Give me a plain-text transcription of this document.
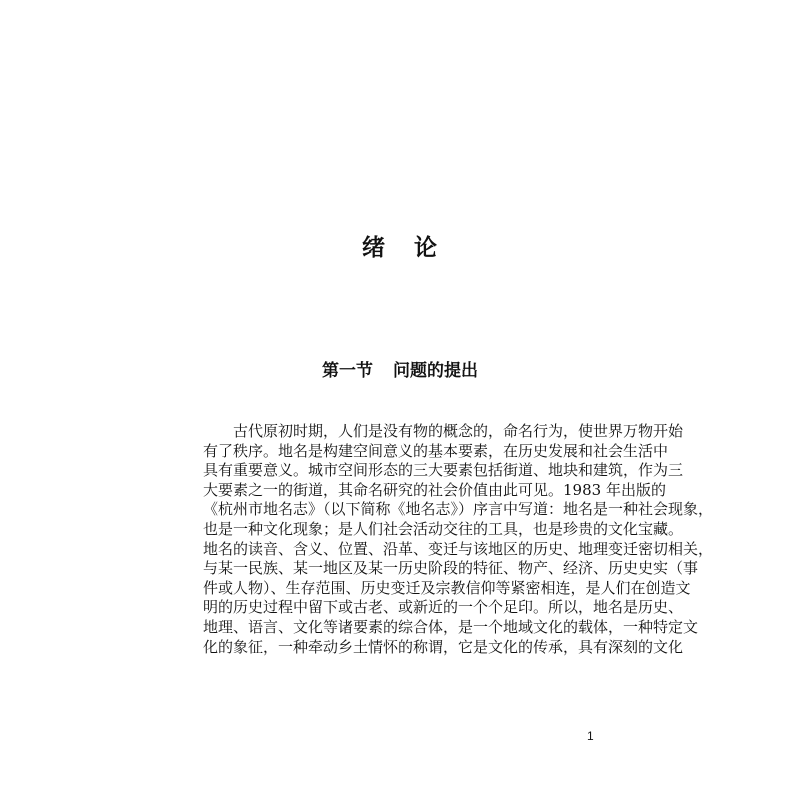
绪 论
第一节 问题的提出
古代原初时期，人们是没有物的概念的，命名行为，使世界万物开始
有了秩序。地名是构建空间意义的基本要素，在历史发展和社会生活中
具有重要意义。城市空间形态的三大要素包括街道、地块和建筑，作为三
大要素之一的街道，其命名研究的社会价值由此可见。1983 年出版的
《杭州市地名志》（以下简称《地名志》）序言中写道：地名是一种社会现象，
也是一种文化现象；是人们社会活动交往的工具，也是珍贵的文化宝藏。
地名的读音、含义、位置、沿革、变迁与该地区的历史、地理变迁密切相关，
与某一民族、某一地区及某一历史阶段的特征、物产、经济、历史史实（事
件或人物）、生存范围、历史变迁及宗教信仰等紧密相连，是人们在创造文
明的历史过程中留下或古老、或新近的一个个足印。所以，地名是历史、
地理、语言、文化等诸要素的综合体，是一个地域文化的载体，一种特定文
化的象征，一种牵动乡土情怀的称谓，它是文化的传承，具有深刻的文化
1
